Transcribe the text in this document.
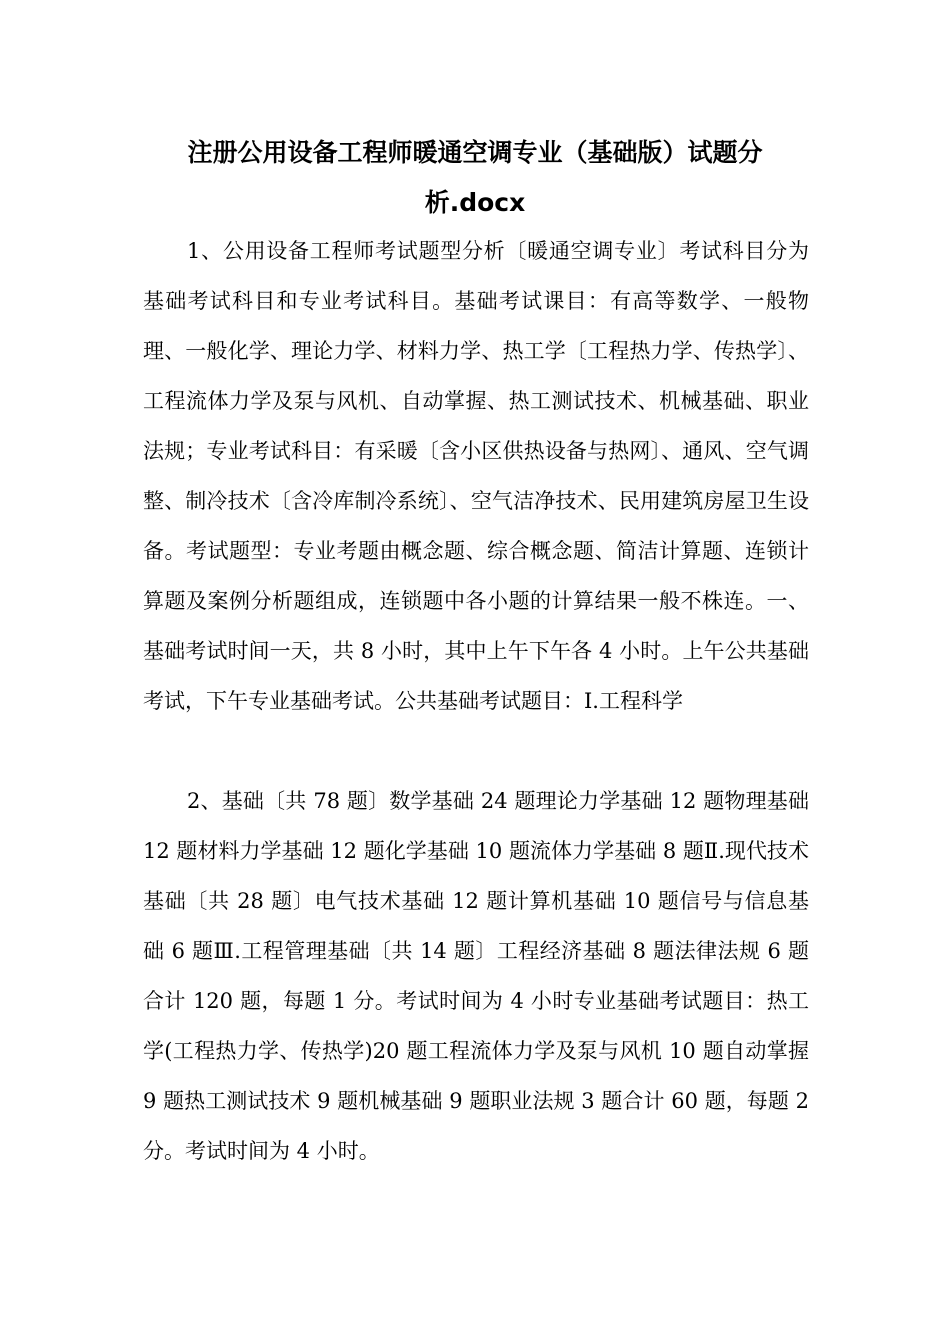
注册公用设备工程师暖通空调专业（基础版）试题分
析.docx

1、公用设备工程师考试题型分析〔暖通空调专业〕考试科目分为基础考试科目和专业考试科目。基础考试课目：有高等数学、一般物理、一般化学、理论力学、材料力学、热工学〔工程热力学、传热学〕、工程流体力学及泵与风机、自动掌握、热工测试技术、机械基础、职业法规；专业考试科目：有采暖〔含小区供热设备与热网〕、通风、空气调整、制冷技术〔含冷库制冷系统〕、空气洁净技术、民用建筑房屋卫生设备。考试题型：专业考题由概念题、综合概念题、简洁计算题、连锁计算题及案例分析题组成，连锁题中各小题的计算结果一般不株连。一、基础考试时间一天，共 8 小时，其中上午下午各 4 小时。上午公共基础考试，下午专业基础考试。公共基础考试题目：Ⅰ.工程科学

2、基础〔共 78 题〕数学基础 24 题理论力学基础 12 题物理基础 12 题材料力学基础 12 题化学基础 10 题流体力学基础 8 题Ⅱ.现代技术基础〔共 28 题〕电气技术基础 12 题计算机基础 10 题信号与信息基础 6 题Ⅲ.工程管理基础〔共 14 题〕工程经济基础 8 题法律法规 6 题合计 120 题，每题 1 分。考试时间为 4 小时专业基础考试题目：热工学(工程热力学、传热学)20 题工程流体力学及泵与风机 10 题自动掌握 9 题热工测试技术 9 题机械基础 9 题职业法规 3 题合计 60 题，每题 2 分。考试时间为 4 小时。
